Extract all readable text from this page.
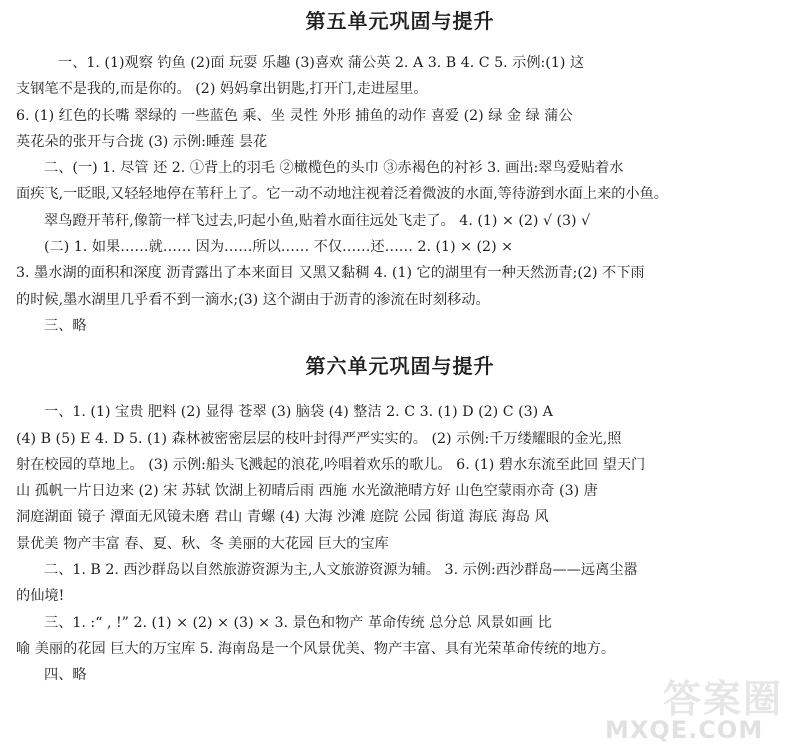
第五单元巩固与提升
一、1. (1)观察 钓鱼 (2)面 玩耍 乐趣 (3)喜欢 蒲公英 2. A 3. B 4. C 5. 示例:(1) 这
支钢笔不是我的,而是你的。 (2) 妈妈拿出钥匙,打开门,走进屋里。
6. (1) 红色的长嘴 翠绿的 一些蓝色 乘、坐 灵性 外形 捕鱼的动作 喜爱 (2) 绿 金 绿 蒲公
英花朵的张开与合拢 (3) 示例:睡莲 昙花
二、(一) 1. 尽管 还 2. ①背上的羽毛 ②橄榄色的头巾 ③赤褐色的衬衫 3. 画出:翠鸟爱贴着水
面疾飞,一眨眼,又轻轻地停在苇秆上了。它一动不动地注视着泛着微波的水面,等待游到水面上来的小鱼。
翠鸟蹬开苇秆,像箭一样飞过去,叼起小鱼,贴着水面往远处飞走了。 4. (1) × (2) √ (3) √
(二) 1. 如果……就…… 因为……所以…… 不仅……还…… 2. (1) × (2) ×
3. 墨水湖的面积和深度 沥青露出了本来面目 又黑又黏稠 4. (1) 它的湖里有一种天然沥青;(2) 不下雨
的时候,墨水湖里几乎看不到一滴水;(3) 这个湖由于沥青的渗流在时刻移动。
三、略
第六单元巩固与提升
一、1. (1) 宝贵 肥料 (2) 显得 苍翠 (3) 脑袋 (4) 整洁 2. C 3. (1) D (2) C (3) A
(4) B (5) E 4. D 5. (1) 森林被密密层层的枝叶封得严严实实的。 (2) 示例:千万缕耀眼的金光,照
射在校园的草地上。 (3) 示例:船头飞溅起的浪花,吟唱着欢乐的歌儿。 6. (1) 碧水东流至此回 望天门
山 孤帆一片日边来 (2) 宋 苏轼 饮湖上初晴后雨 西施 水光潋滟晴方好 山色空蒙雨亦奇 (3) 唐
洞庭湖面 镜子 潭面无风镜未磨 君山 青螺 (4) 大海 沙滩 庭院 公园 街道 海底 海岛 风
景优美 物产丰富 春、夏、秋、冬 美丽的大花园 巨大的宝库
二、1. B 2. 西沙群岛以自然旅游资源为主,人文旅游资源为辅。 3. 示例:西沙群岛——远离尘嚣
的仙境!
三、1. :“ , !” 2. (1) × (2) × (3) × 3. 景色和物产 革命传统 总分总 风景如画 比
喻 美丽的花园 巨大的万宝库 5. 海南岛是一个风景优美、物产丰富、具有光荣革命传统的地方。
四、略
答案圈
MXQE.COM
